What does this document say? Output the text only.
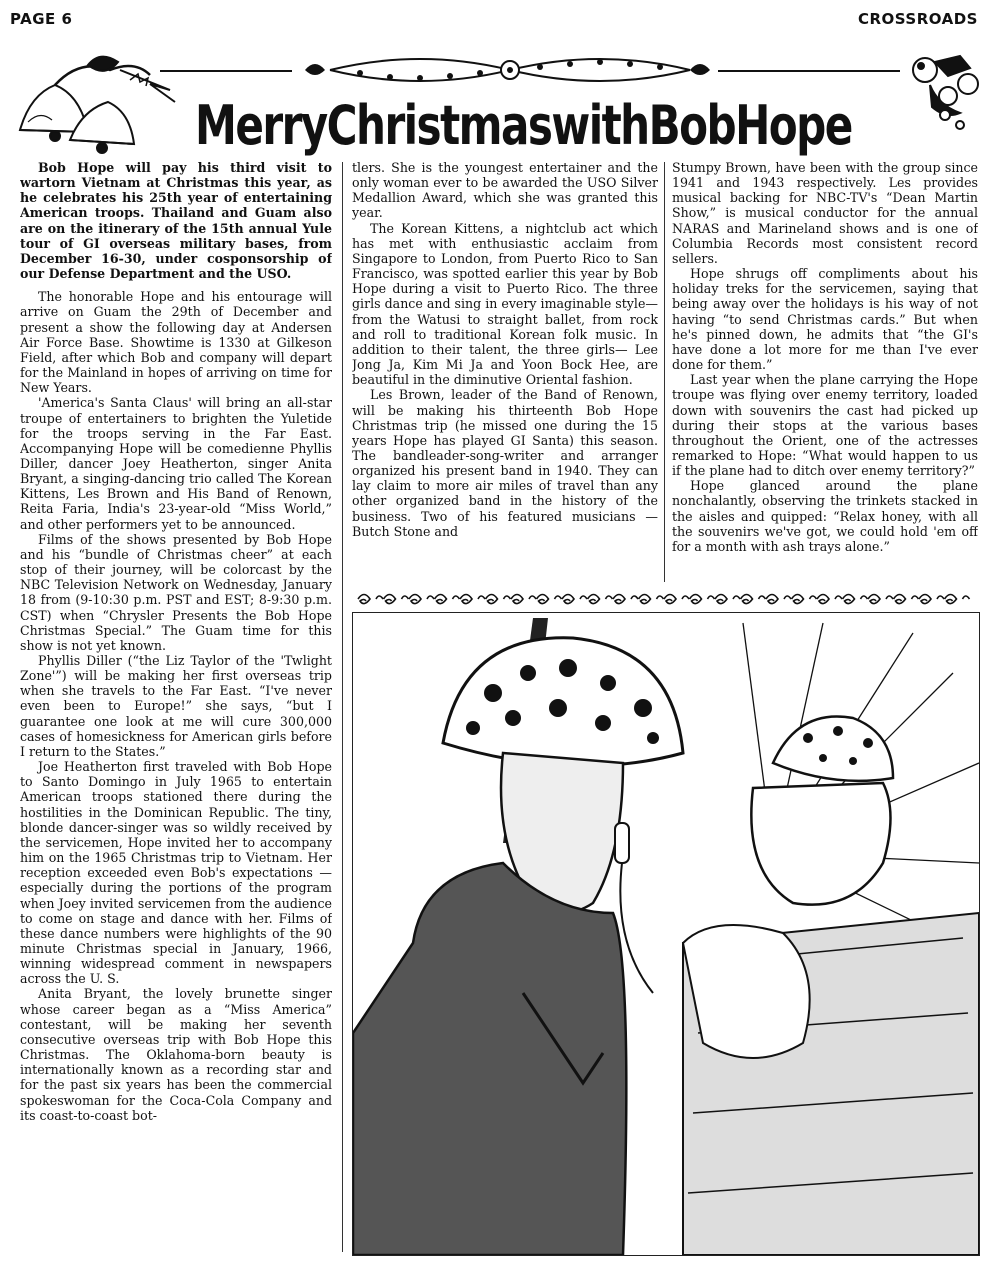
PAGE 6	CROSSROADS
Merry Christmas with Bob Hope

Bob Hope will pay his third visit to wartorn Vietnam at Christmas this year, as he celebrates his 25th year of entertaining American troops. Thailand and Guam also are on the itinerary of the 15th annual Yule tour of GI overseas military bases, from December 16-30, under cosponsorship of our Defense Department and the USO.

The honorable Hope and his entourage will arrive on Guam the 29th of December and present a show the following day at Andersen Air Force Base. Showtime is 1330 at Gilkeson Field, after which Bob and company will depart for the Mainland in hopes of arriving on time for New Years.

'America's Santa Claus' will bring an all-star troupe of entertainers to brighten the Yuletide for the troops serving in the Far East. Accompanying Hope will be comedienne Phyllis Diller, dancer Joey Heatherton, singer Anita Bryant, a singing-dancing trio called The Korean Kittens, Les Brown and His Band of Renown, Reita Faria, India's 23-year-old “Miss World,” and other performers yet to be announced.

Films of the shows presented by Bob Hope and his “bundle of Christmas cheer” at each stop of their journey, will be colorcast by the NBC Television Network on Wednesday, January 18 from (9-10:30 p.m. PST and EST; 8-9:30 p.m. CST) when “Chrysler Presents the Bob Hope Christmas Special.” The Guam time for this show is not yet known.

Phyllis Diller (“the Liz Taylor of the 'Twlight Zone'”) will be making her first overseas trip when she travels to the Far East. “I've never even been to Europe!” she says, “but I guarantee one look at me will cure 300,000 cases of homesickness for American girls before I return to the States.”

Joe Heatherton first traveled with Bob Hope to Santo Domingo in July 1965 to entertain American troops stationed there during the hostilities in the Dominican Republic. The tiny, blonde dancer-singer was so wildly received by the servicemen, Hope invited her to accompany him on the 1965 Christmas trip to Vietnam. Her reception exceeded even Bob's expectations —especially during the portions of the program when Joey invited servicemen from the audience to come on stage and dance with her. Films of these dance numbers were highlights of the 90 minute Christmas special in January, 1966, winning widespread comment in newspapers across the U. S.

Anita Bryant, the lovely brunette singer whose career began as a “Miss America” contestant, will be making her seventh consecutive overseas trip with Bob Hope this Christmas. The Oklahoma-born beauty is internationally known as a recording star and for the past six years has been the commercial spokeswoman for the Coca-Cola Company and its coast-to-coast bot-

tlers. She is the youngest entertainer and the only woman ever to be awarded the USO Silver Medallion Award, which she was granted this year.

The Korean Kittens, a nightclub act which has met with enthusiastic acclaim from Singapore to London, from Puerto Rico to San Francisco, was spotted earlier this year by Bob Hope during a visit to Puerto Rico. The three girls dance and sing in every imaginable style—from the Watusi to straight ballet, from rock and roll to traditional Korean folk music. In addition to their talent, the three girls— Lee Jong Ja, Kim Mi Ja and Yoon Bock Hee, are beautiful in the diminutive Oriental fashion.

Les Brown, leader of the Band of Renown, will be making his thirteenth Bob Hope Christmas trip (he missed one during the 15 years Hope has played GI Santa) this season. The bandleader-song-writer and arranger organized his present band in 1940. They can lay claim to more air miles of travel than any other organized band in the history of the business. Two of his featured musicians — Butch Stone and

Stumpy Brown, have been with the group since 1941 and 1943 respectively. Les provides musical backing for NBC-TV's “Dean Martin Show,” is musical conductor for the annual NARAS and Marineland shows and is one of Columbia Records most consistent record sellers.

Hope shrugs off compliments about his holiday treks for the servicemen, saying that being away over the holidays is his way of not having “to send Christmas cards.” But when he's pinned down, he admits that “the GI's have done a lot more for me than I've ever done for them.”

Last year when the plane carrying the Hope troupe was flying over enemy territory, loaded down with souvenirs the cast had picked up during their stops at the various bases throughout the Orient, one of the actresses remarked to Hope: “What would happen to us if the plane had to ditch over enemy territory?”

Hope glanced around the plane nonchalantly, observing the trinkets stacked in the aisles and quipped: “Relax honey, with all the souvenirs we've got, we could hold 'em off for a month with ash trays alone.”
